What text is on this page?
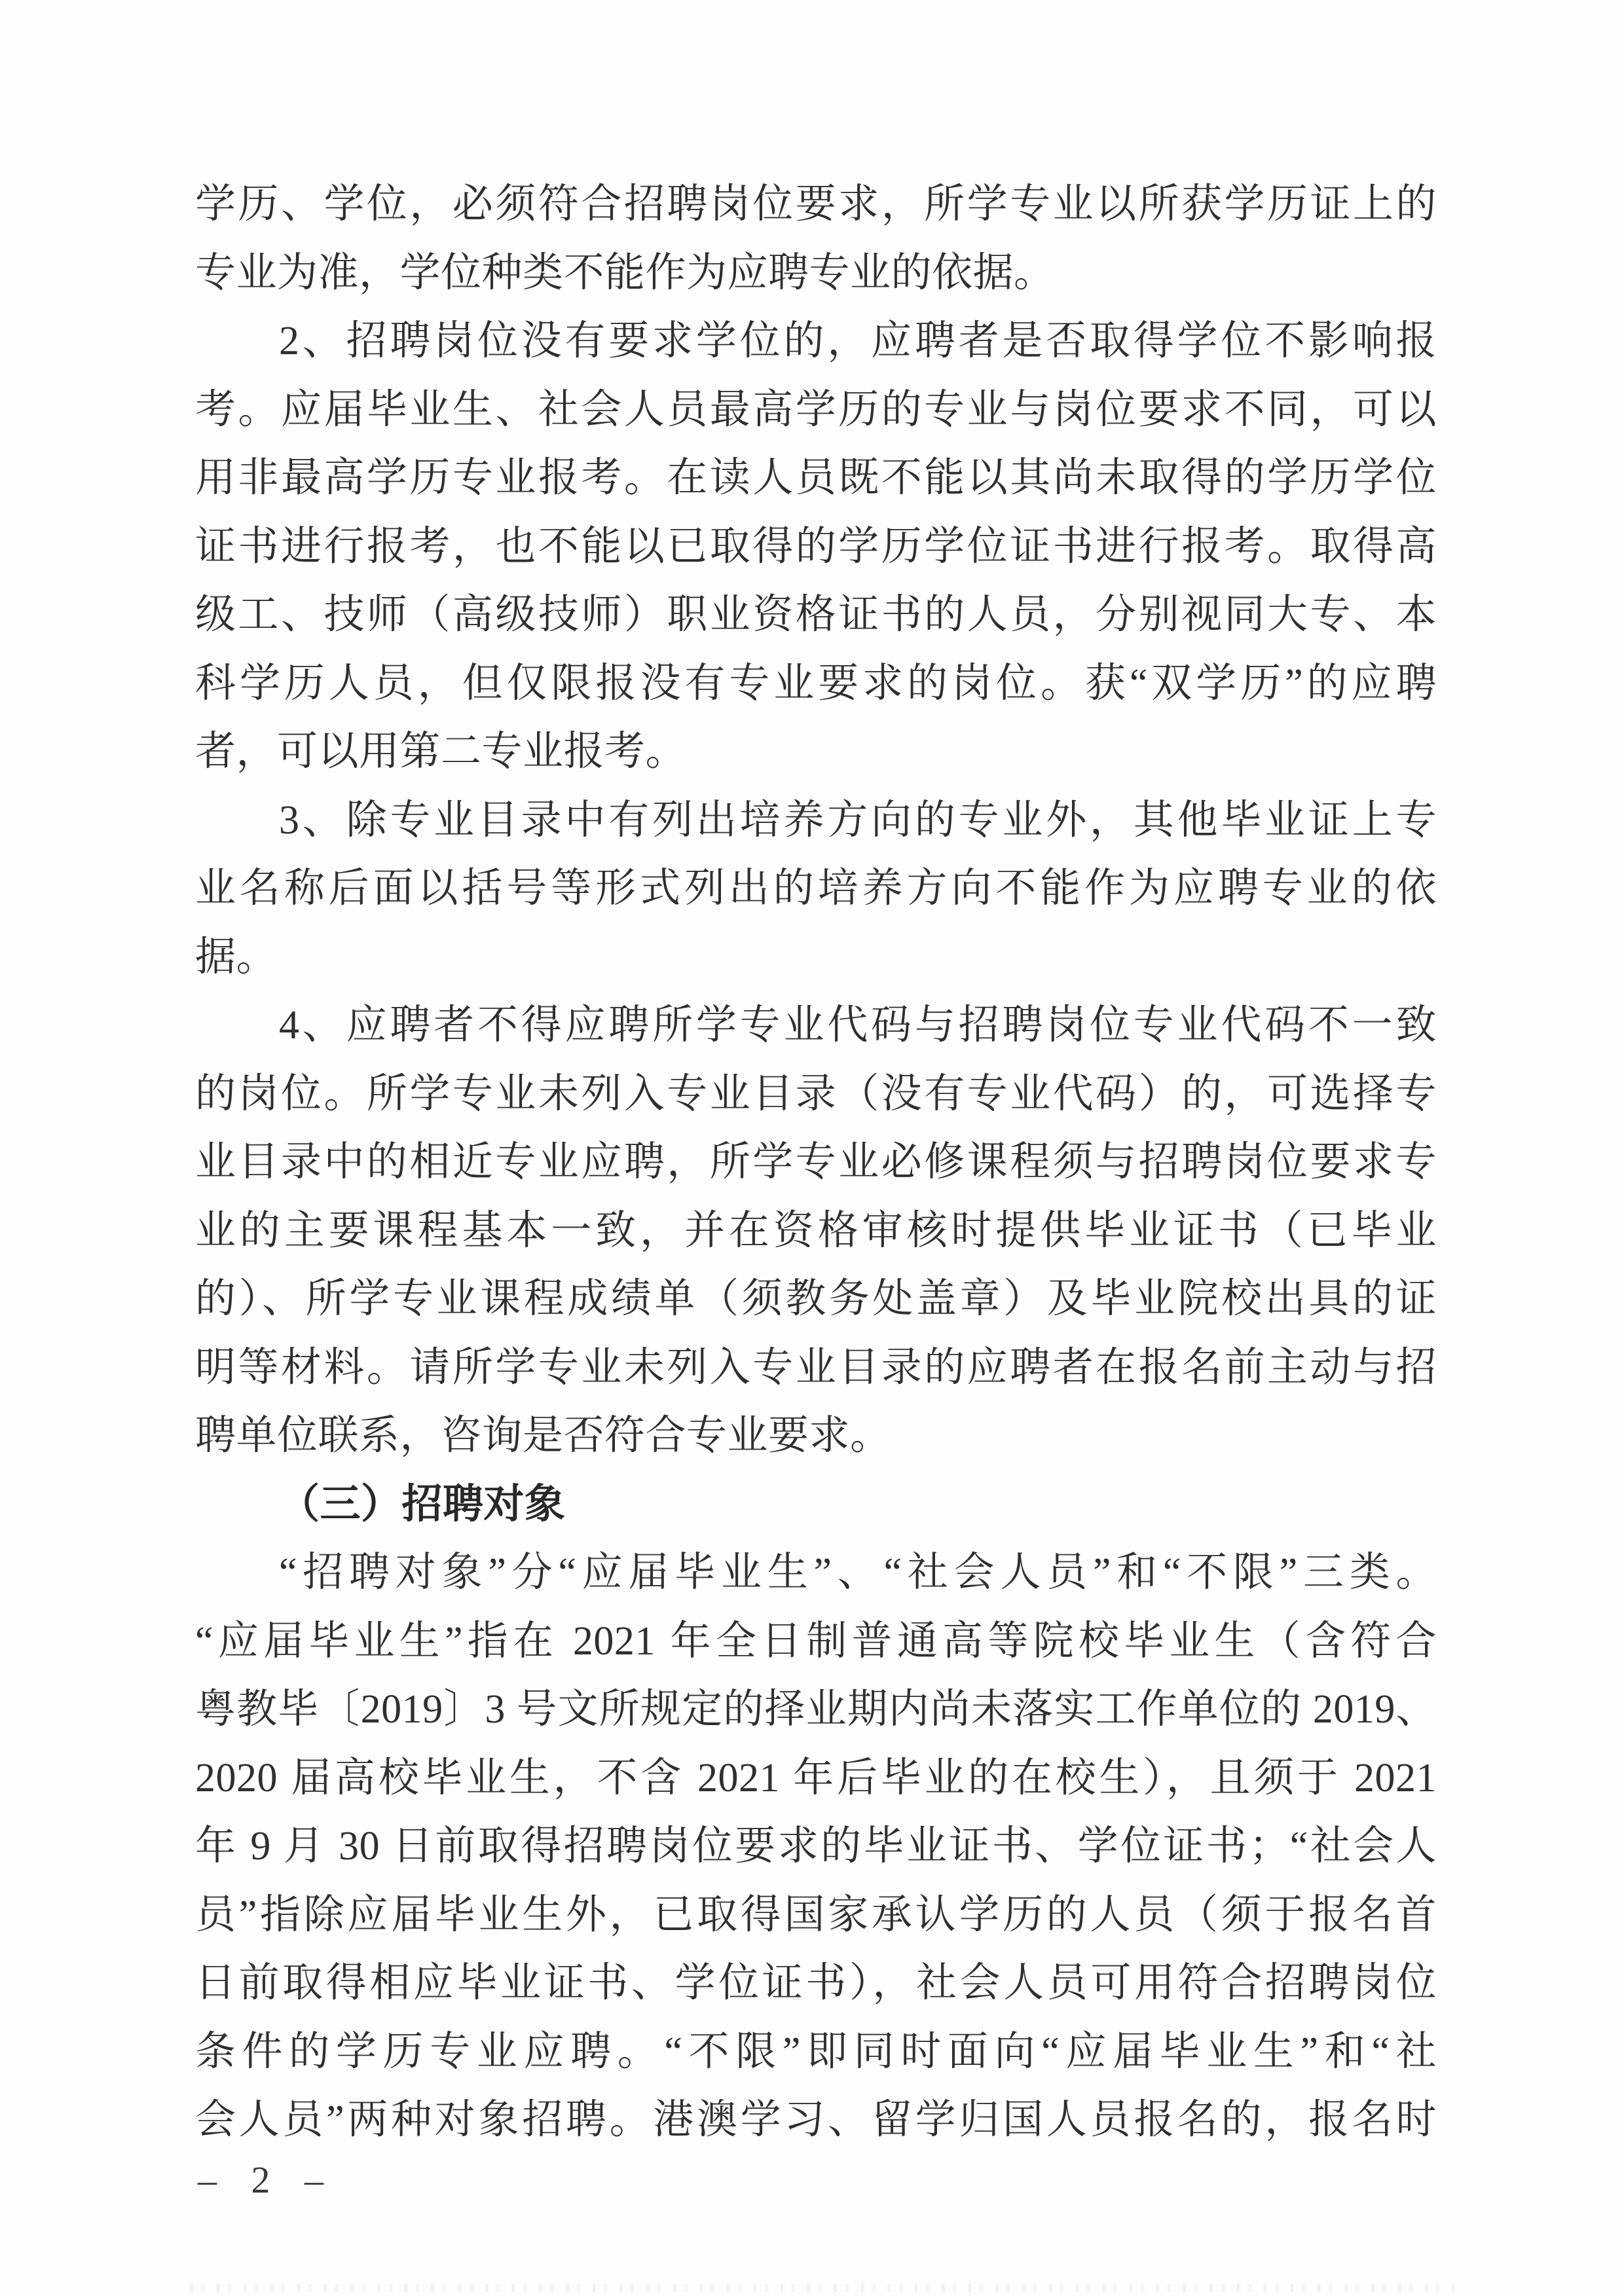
学历、学位，必须符合招聘岗位要求，所学专业以所获学历证上的
专业为准，学位种类不能作为应聘专业的依据。
2、招聘岗位没有要求学位的，应聘者是否取得学位不影响报
考。应届毕业生、社会人员最高学历的专业与岗位要求不同，可以
用非最高学历专业报考。在读人员既不能以其尚未取得的学历学位
证书进行报考，也不能以已取得的学历学位证书进行报考。取得高
级工、技师（高级技师）职业资格证书的人员，分别视同大专、本
科学历人员，但仅限报没有专业要求的岗位。获“双学历”的应聘
者，可以用第二专业报考。
3、除专业目录中有列出培养方向的专业外，其他毕业证上专
业名称后面以括号等形式列出的培养方向不能作为应聘专业的依
据。
4、应聘者不得应聘所学专业代码与招聘岗位专业代码不一致
的岗位。所学专业未列入专业目录（没有专业代码）的，可选择专
业目录中的相近专业应聘，所学专业必修课程须与招聘岗位要求专
业的主要课程基本一致，并在资格审核时提供毕业证书（已毕业
的）、所学专业课程成绩单（须教务处盖章）及毕业院校出具的证
明等材料。请所学专业未列入专业目录的应聘者在报名前主动与招
聘单位联系，咨询是否符合专业要求。
（三）招聘对象
“招聘对象”分“应届毕业生”、“社会人员”和“不限”三类。
“应届毕业生”指在 2021 年全日制普通高等院校毕业生（含符合
粤教毕〔2019〕3 号文所规定的择业期内尚未落实工作单位的 2019、
2020 届高校毕业生，不含 2021 年后毕业的在校生），且须于 2021
年 9 月 30 日前取得招聘岗位要求的毕业证书、学位证书；“社会人
员”指除应届毕业生外，已取得国家承认学历的人员（须于报名首
日前取得相应毕业证书、学位证书），社会人员可用符合招聘岗位
条件的学历专业应聘。“不限”即同时面向“应届毕业生”和“社
会人员”两种对象招聘。港澳学习、留学归国人员报名的，报名时
– 2 –
